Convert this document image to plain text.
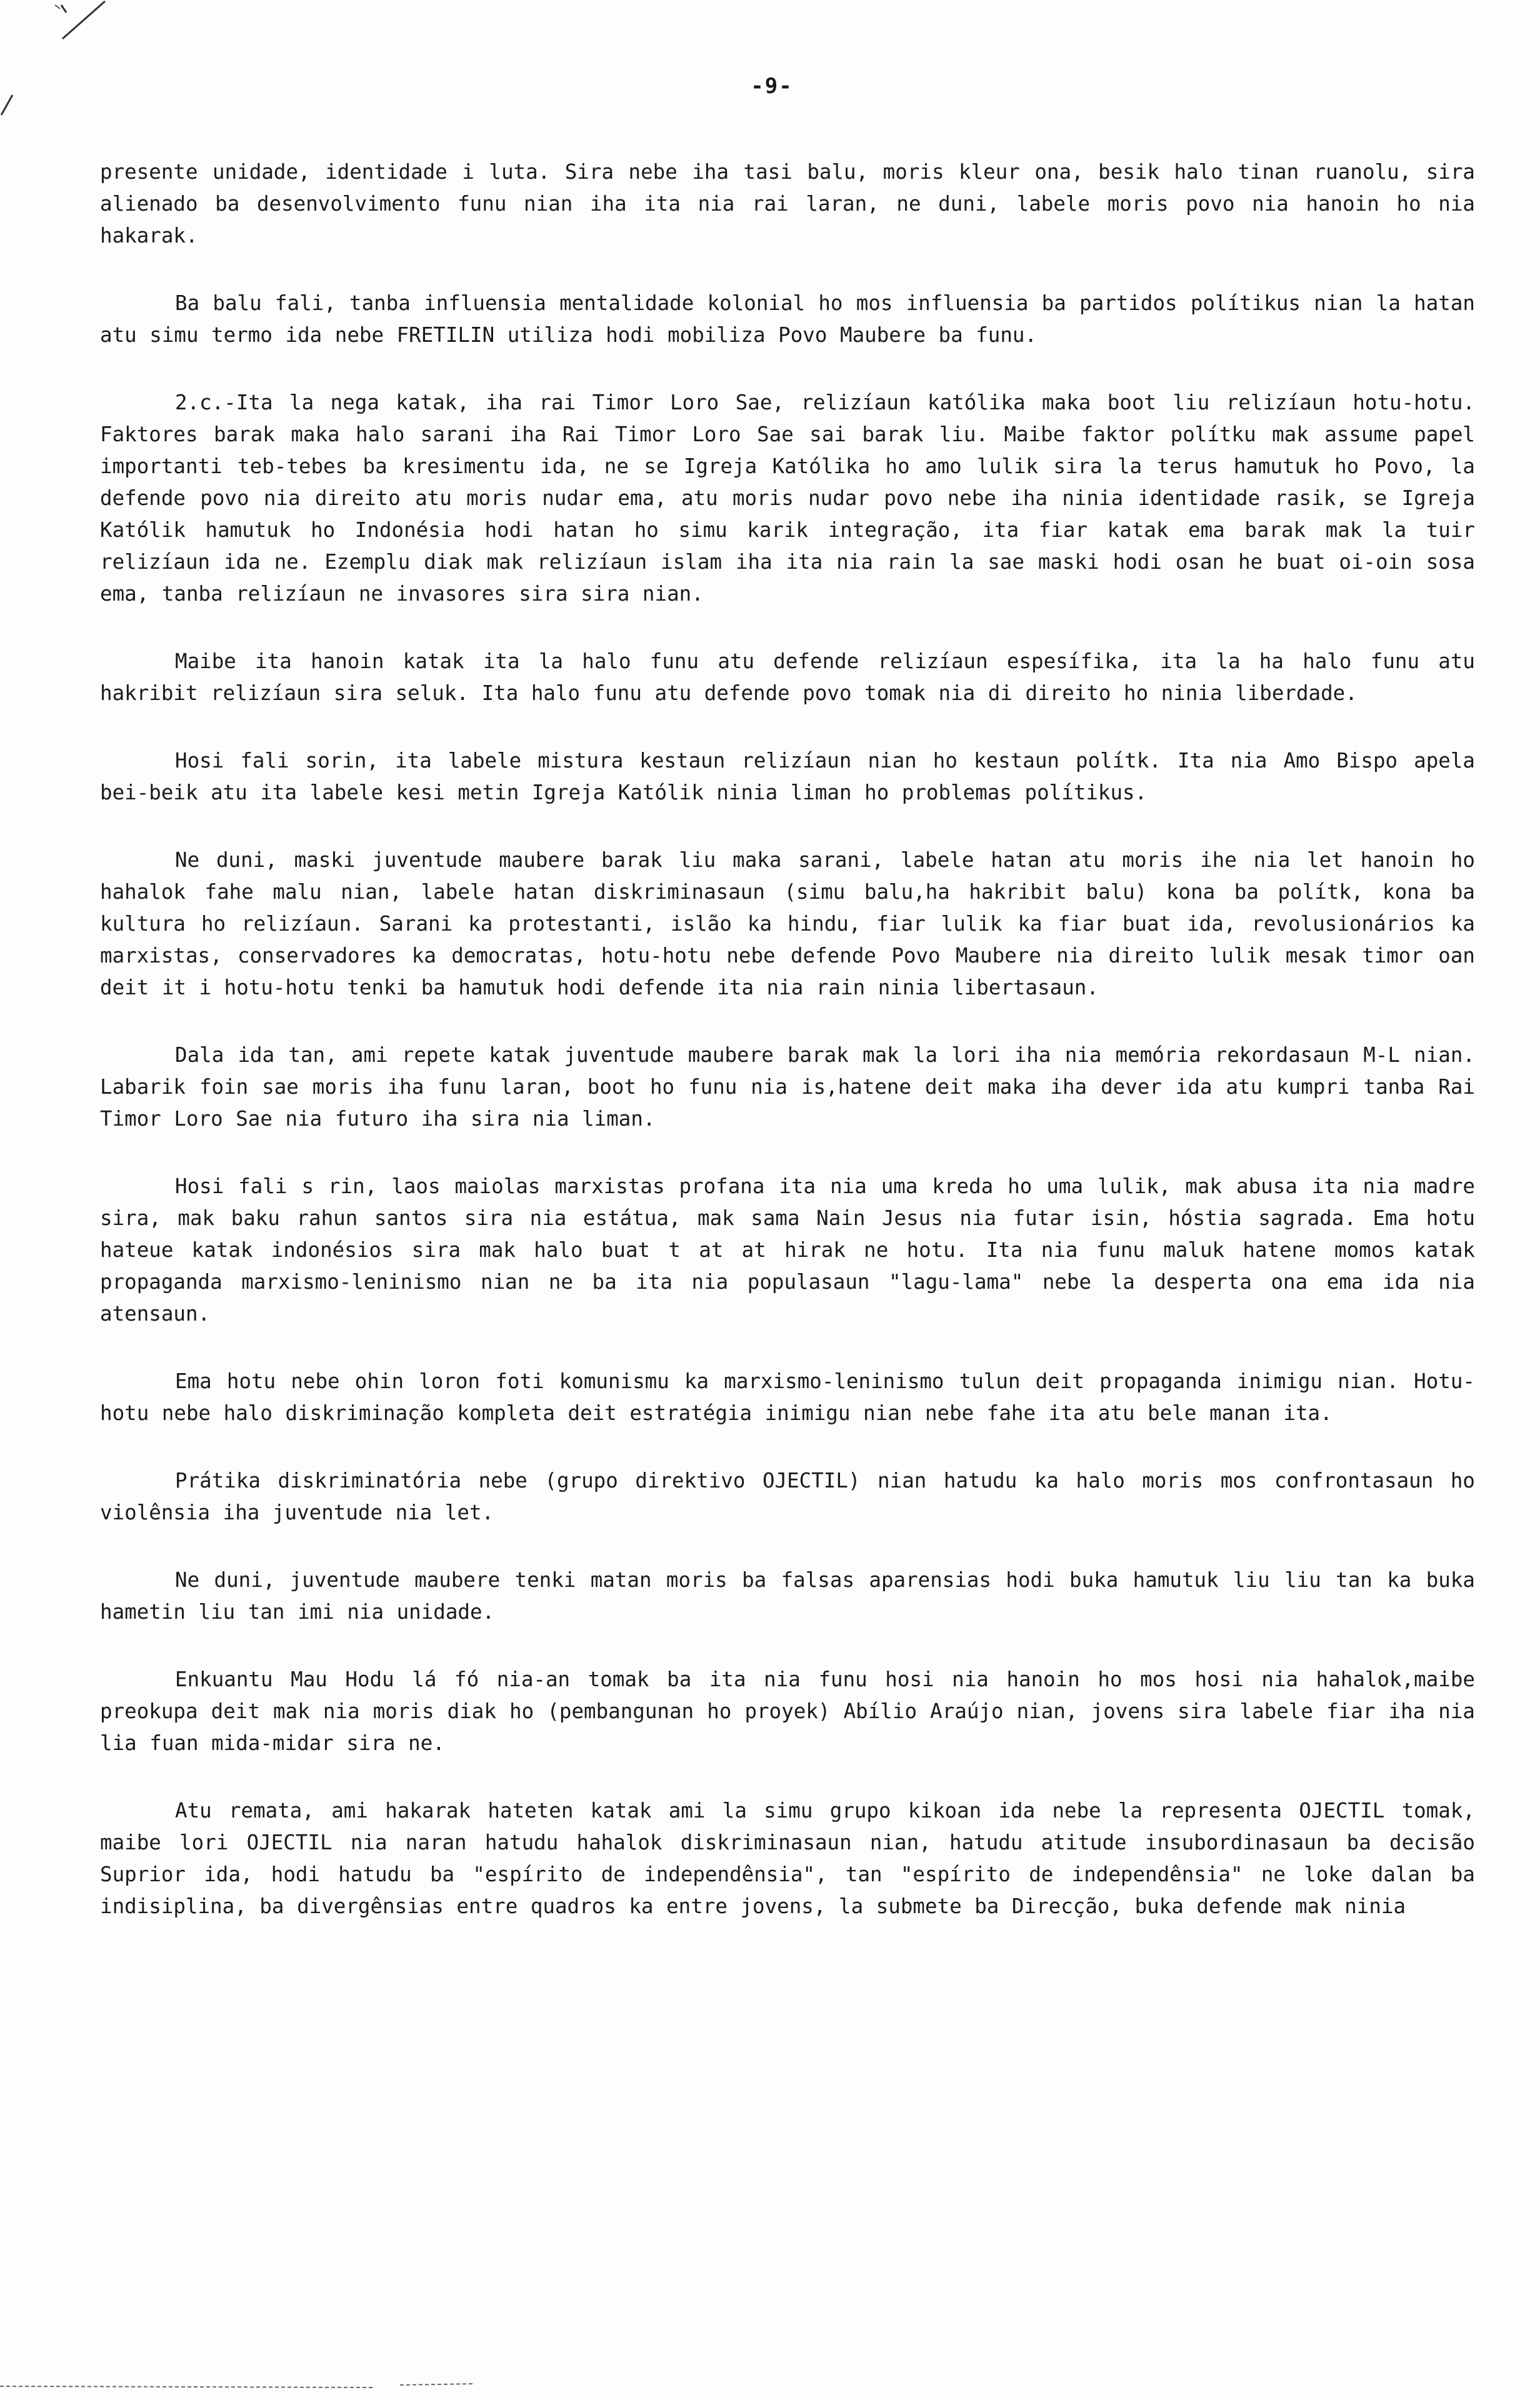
-9-

presente unidade, identidade i luta. Sira nebe iha tasi balu, moris kleur ona, besik halo tinan ruanolu, sira alienado ba desenvolvimento funu nian iha ita nia rai laran, ne duni, labele moris povo nia hanoin ho nia hakarak.

Ba balu fali, tanba influensia mentalidade kolonial ho mos influensia ba partidos polítikus nian la hatan atu simu termo ida nebe FRETILIN utiliza hodi mobiliza Povo Maubere ba funu.

2.c.-Ita la nega katak, iha rai Timor Loro Sae, relizíaun katólika maka boot liu relizíaun hotu-hotu. Faktores barak maka halo sarani iha Rai Timor Loro Sae sai barak liu. Maibe faktor polítku mak assume papel importanti teb-tebes ba kresimentu ida, ne se Igreja Katólika ho amo lulik sira la terus hamutuk ho Povo, la defende povo nia direito atu moris nudar ema, atu moris nudar povo nebe iha ninia identidade rasik, se Igreja Katólik hamutuk ho Indonésia hodi hatan ho simu karik integração, ita fiar katak ema barak mak la tuir relizíaun ida ne. Ezemplu diak mak relizíaun islam iha ita nia rain la sae maski hodi osan he buat oi-oin sosa ema, tanba relizíaun ne invasores sira sira nian.

Maibe ita hanoin katak ita la halo funu atu defende relizíaun espesífika, ita la ha halo funu atu hakribit relizíaun sira seluk. Ita halo funu atu defende povo tomak nia di direito ho ninia liberdade.

Hosi fali sorin, ita labele mistura kestaun relizíaun nian ho kestaun polítk. Ita nia Amo Bispo apela bei-beik atu ita labele kesi metin Igreja Katólik ninia liman ho problemas polítikus.

Ne duni, maski juventude maubere barak liu maka sarani, labele hatan atu moris ihe nia let hanoin ho hahalok fahe malu nian, labele hatan diskriminasaun (simu balu,ha hakribit balu) kona ba polítk, kona ba kultura ho relizíaun. Sarani ka protestanti, islão ka hindu, fiar lulik ka fiar buat ida, revolusionários ka marxistas, conservadores ka democratas, hotu-hotu nebe defende Povo Maubere nia direito lulik mesak timor oan deit it i hotu-hotu tenki ba hamutuk hodi defende ita nia rain ninia libertasaun.

Dala ida tan, ami repete katak juventude maubere barak mak la lori iha nia memória rekordasaun M-L nian. Labarik foin sae moris iha funu laran, boot ho funu nia is,hatene deit maka iha dever ida atu kumpri tanba Rai Timor Loro Sae nia futuro iha sira nia liman.

Hosi fali s rin, laos maiolas marxistas profana ita nia uma kreda ho uma lulik, mak abusa ita nia madre sira, mak baku rahun santos sira nia estátua, mak sama Nain Jesus nia futar isin, hóstia sagrada. Ema hotu hateue katak indonésios sira mak halo buat t at at hirak ne hotu. Ita nia funu maluk hatene momos katak propaganda marxismo-leninismo nian ne ba ita nia populasaun "lagu-lama" nebe la desperta ona ema ida nia atensaun.

Ema hotu nebe ohin loron foti komunismu ka marxismo-leninismo tulun deit propaganda inimigu nian. Hotu-hotu nebe halo diskriminação kompleta deit estratégia inimigu nian nebe fahe ita atu bele manan ita.

Prátika diskriminatória nebe (grupo direktivo OJECTIL) nian hatudu ka halo moris mos confrontasaun ho violênsia iha juventude nia let.

Ne duni, juventude maubere tenki matan moris ba falsas aparensias hodi buka hamutuk liu liu tan ka buka hametin liu tan imi nia unidade.

Enkuantu Mau Hodu lá fó nia-an tomak ba ita nia funu hosi nia hanoin ho mos hosi nia hahalok,maibe preokupa deit mak nia moris diak ho (pembangunan ho proyek) Abílio Araújo nian, jovens sira labele fiar iha nia lia fuan mida-midar sira ne.

Atu remata, ami hakarak hateten katak ami la simu grupo kikoan ida nebe la representa OJECTIL tomak, maibe lori OJECTIL nia naran hatudu hahalok diskriminasaun nian, hatudu atitude insubordinasaun ba decisão Suprior ida, hodi hatudu ba "espírito de independênsia", tan "espírito de independênsia" ne loke dalan ba indisiplina, ba divergênsias entre quadros ka entre jovens, la submete ba Direcção, buka defende mak ninia
